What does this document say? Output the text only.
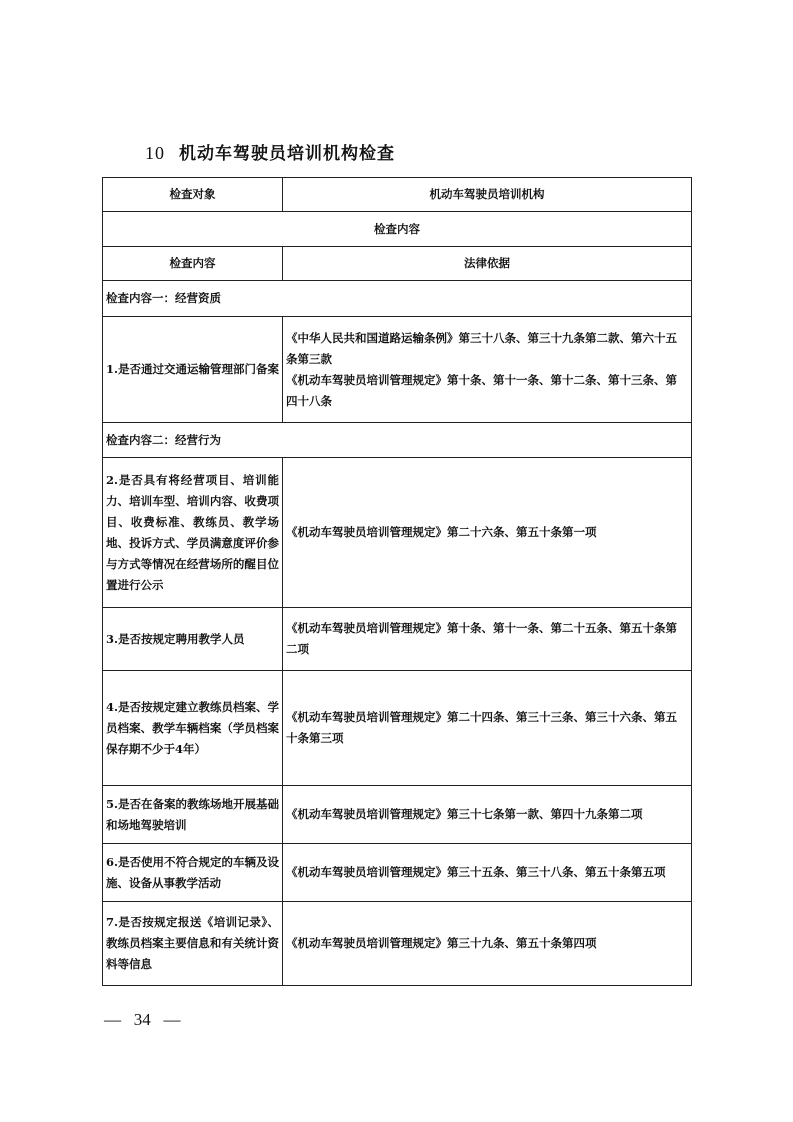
10 机动车驾驶员培训机构检查
检查对象	机动车驾驶员培训机构
检查内容	
检查内容	法律依据
检查内容一：经营资质	
1.是否通过交通运输管理部门备案	《中华人民共和国道路运输条例》第三十八条、第三十九条第二款、第六十五条第三款
《机动车驾驶员培训管理规定》第十条、第十一条、第十二条、第十三条、第四十八条

检查内容二：经营行为	
2.是否具有将经营项目、培训能力、培训车型、培训内容、收费项目、收费标准、教练员、教学场地、投诉方式、学员满意度评价参与方式等情况在经营场所的醒目位置进行公示	《机动车驾驶员培训管理规定》第二十六条、第五十条第一项

3.是否按规定聘用教学人员	《机动车驾驶员培训管理规定》第十条、第十一条、第二十五条、第五十条第二项

4.是否按规定建立教练员档案、学员档案、教学车辆档案（学员档案保存期不少于4年）	《机动车驾驶员培训管理规定》第二十四条、第三十三条、第三十六条、第五十条第三项

5.是否在备案的教练场地开展基础和场地驾驶培训	《机动车驾驶员培训管理规定》第三十七条第一款、第四十九条第二项

6.是否使用不符合规定的车辆及设施、设备从事教学活动	《机动车驾驶员培训管理规定》第三十五条、第三十八条、第五十条第五项

7.是否按规定报送《培训记录》、教练员档案主要信息和有关统计资料等信息	《机动车驾驶员培训管理规定》第三十九条、第五十条第四项
— 34 —
